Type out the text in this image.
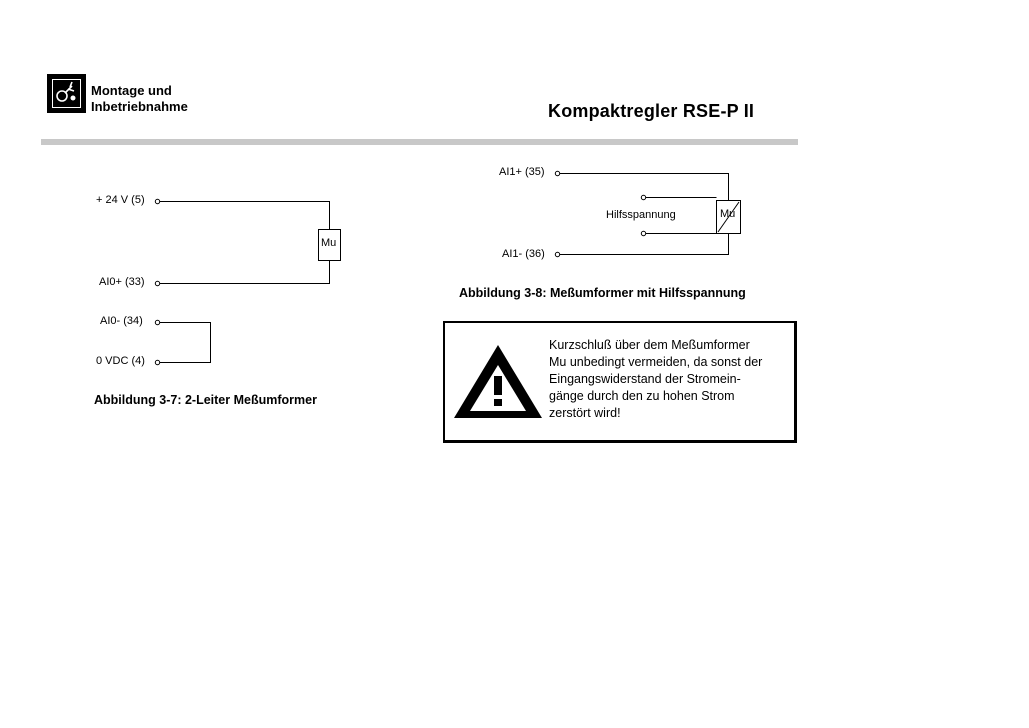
Montage und
Inbetriebnahme	Kompaktregler RSE-P II
+ 24 V (5)
AI0+ (33)
AI0- (34)
0 VDC (4)
Mu
Abbildung 3-7: 2-Leiter Meßumformer
AI1+ (35)
AI1- (36)
Hilfsspannung	Mu
Abbildung 3-8: Meßumformer mit Hilfsspannung
Kurzschluß über dem Meßumformer
Mu unbedingt vermeiden, da sonst der
Eingangswiderstand der Stromein-
gänge durch den zu hohen Strom
zerstört wird!
